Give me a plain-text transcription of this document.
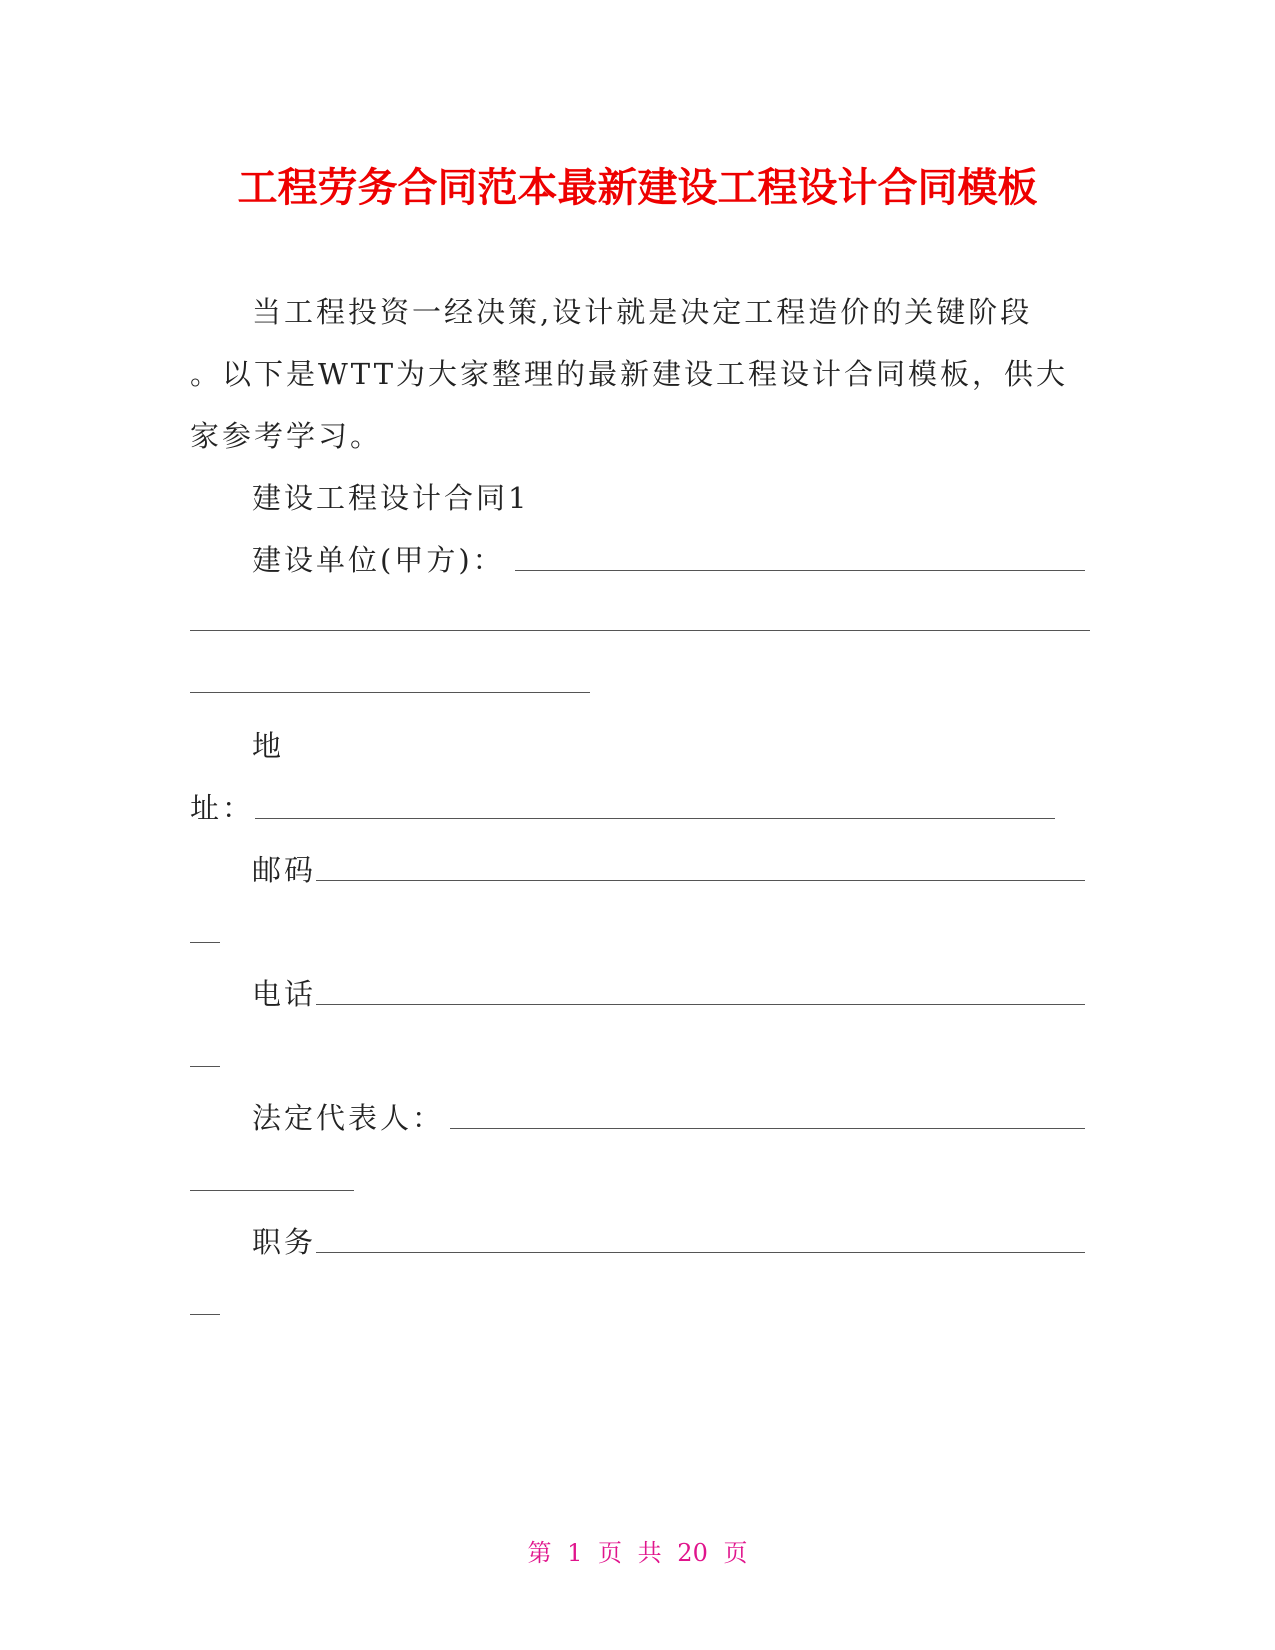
工程劳务合同范本最新建设工程设计合同模板
当工程投资一经决策,设计就是决定工程造价的关键阶段
。以下是WTT为大家整理的最新建设工程设计合同模板，供大
家参考学习。
建设工程设计合同1
建设单位(甲方)：
地
址：
邮码
电话
法定代表人：
职务
第 1 页 共 20 页
